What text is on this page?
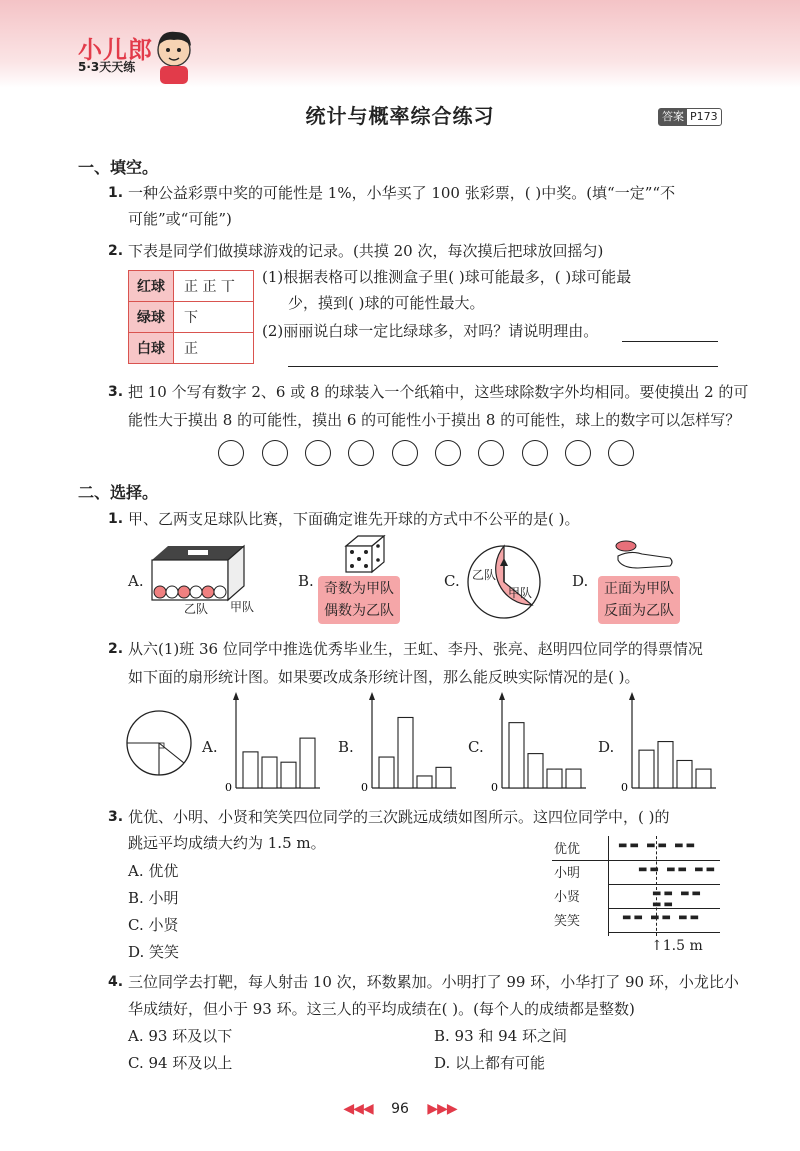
小儿郎
5·3天天练
统计与概率综合练习	答案 P173
一、填空。
1. 一种公益彩票中奖的可能性是 1%，小华买了 100 张彩票，( )中奖。(填“一定”“不
可能”或“可能”)
2. 下表是同学们做摸球游戏的记录。(共摸 20 次，每次摸后把球放回摇匀)
红球	正 正 丅
绿球	下
白球	正
(1)根据表格可以推测盒子里( )球可能最多，( )球可能最
少，摸到( )球的可能性最大。
(2)丽丽说白球一定比绿球多，对吗？请说明理由。
3. 把 10 个写有数字 2、6 或 8 的球装入一个纸箱中，这些球除数字外均相同。要使摸出 2 的可
能性大于摸出 8 的可能性，摸出 6 的可能性小于摸出 8 的可能性，球上的数字可以怎样写？
二、选择。
1. 甲、乙两支足球队比赛，下面确定谁先开球的方式中不公平的是( )。
A.
乙队 甲队
B. 奇数为甲队
偶数为乙队
C. 乙队
甲队
D. 正面为甲队
反面为乙队
2. 从六(1)班 36 位同学中推选优秀毕业生，王虹、李丹、张亮、赵明四位同学的得票情况
如下面的扇形统计图。如果要改成条形统计图，那么能反映实际情况的是( )。
A.
0
B.
0
C.
0
D.
0
3. 优优、小明、小贤和笑笑四位同学的三次跳远成绩如图所示。这四位同学中，( )的
跳远平均成绩大约为 1.5 m。
A. 优优
B. 小明
C. 小贤
D. 笑笑
优优
小明
小贤
笑笑
▬▬ ▬▬ ▬▬
▬▬ ▬▬ ▬▬
▬▬ ▬▬ ▬▬
▬▬ ▬▬ ▬▬
↑ 1.5 m
4. 三位同学去打靶，每人射击 10 次，环数累加。小明打了 99 环，小华打了 90 环，小龙比小
华成绩好，但小于 93 环。这三人的平均成绩在( )。(每个人的成绩都是整数)
A. 93 环及以下	B. 93 和 94 环之间
C. 94 环及以上	D. 以上都有可能
◀◀◀ 96 ▶▶▶
